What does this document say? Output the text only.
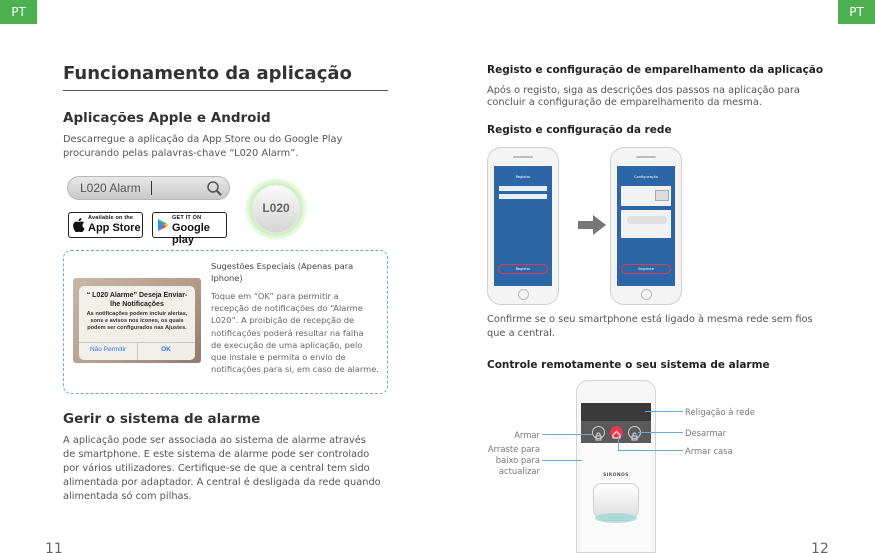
PT	PT
Funcionamento da aplicação
Aplicações Apple e Android
Descarregue a aplicação da App Store ou do Google Play
procurando pelas palavras-chave “L020 Alarm”.
L020 Alarm
L020
Available on the
App Store
GET IT ON
Google play
“ L020 Alarme” Deseja Enviar-
lhe Notificações
As notificações podem incluir alertas,
sons e avisos nos ícones, os quais
podem ser configurados nas Ajustes.
Não Permitir	OK
Sugestões Especiais (Apenas para
Iphone)
Toque em “OK” para permitir a
recepção de notificações do “Alarme
L020”. A proibição de recepção de
notificações poderá resultar na falha
de execução de uma aplicação, pelo
que instale e permita o envio de
notificações para si, em caso de alarme.
Gerir o sistema de alarme
A aplicação pode ser associada ao sistema de alarme através
de smartphone. E este sistema de alarme pode ser controlado
por vários utilizadores. Certifique-se de que a central tem sido
alimentada por adaptador. A central é desligada da rede quando
alimentada só com pilhas.
11
Registo e configuração de emparelhamento da aplicação
Após o registo, siga as descrições dos passos na aplicação para
concluir a configuração de emparelhamento da mesma.
Registo e configuração da rede
Registar
Registar
Configuração
Seguinte
Confirme se o seu smartphone está ligado à mesma rede sem fios
que a central.
Controle remotamente o seu sistema de alarme
SIRONOS
Armar
Arraste para
baixo para
actualizar
Religação à rede
Desarmar
Armar casa
12
